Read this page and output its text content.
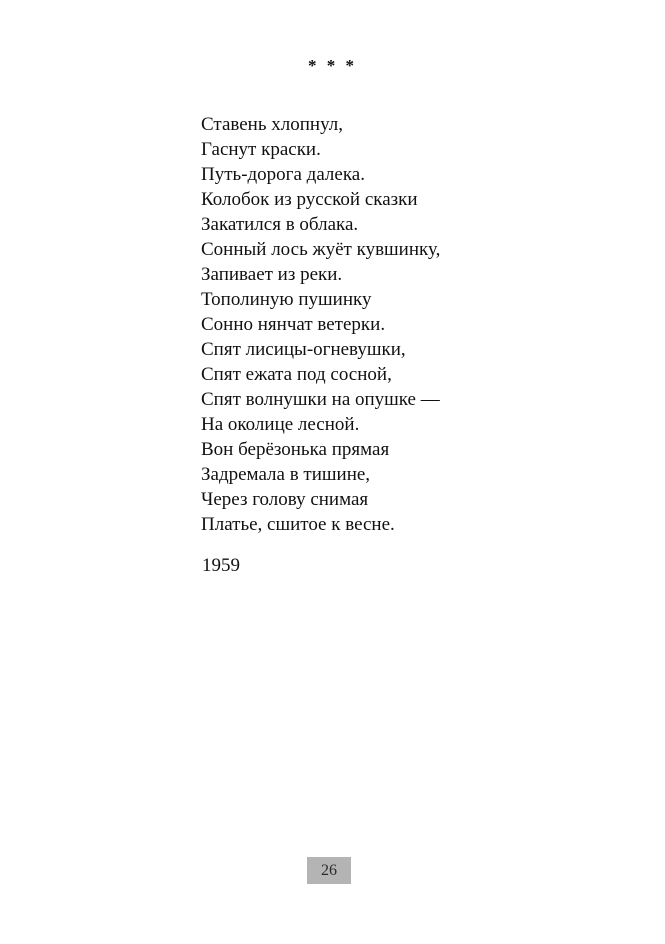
* * *
Ставень хлопнул,
Гаснут краски.
Путь-дорога далека.
Колобок из русской сказки
Закатился в облака.
Сонный лось жуёт кувшинку,
Запивает из реки.
Тополиную пушинку
Сонно нянчат ветерки.
Спят лисицы-огневушки,
Спят ежата под сосной,
Спят волнушки на опушке —
На околице лесной.
Вон берёзонька прямая
Задремала в тишине,
Через голову снимая
Платье, сшитое к весне.
1959
26
